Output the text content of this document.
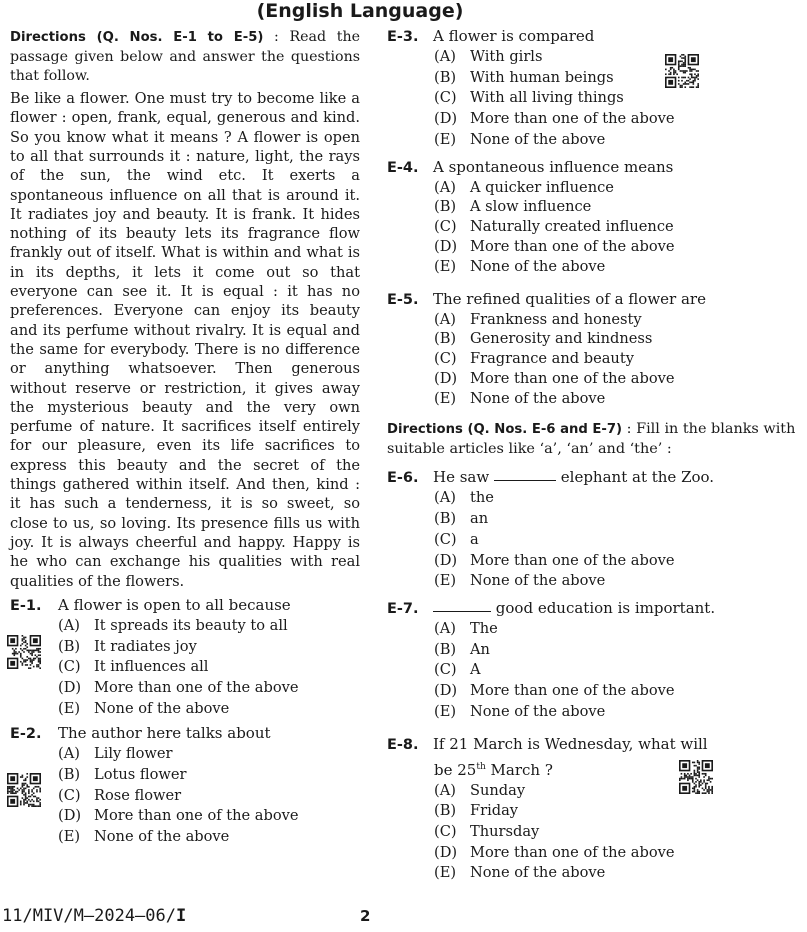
(English Language)

Directions (Q. Nos. E-1 to E-5) : Read the passage given below and answer the questions that follow.

Be like a flower. One must try to become like a flower : open, frank, equal, generous and kind. So you know what it means ? A flower is open to all that surrounds it : nature, light, the rays of the sun, the wind etc. It exerts a spontaneous influence on all that is around it. It radiates joy and beauty. It is frank. It hides nothing of its beauty lets its fragrance flow frankly out of itself. What is within and what is in its depths, it lets it come out so that everyone can see it. It is equal : it has no preferences. Everyone can enjoy its beauty and its perfume without rivalry. It is equal and the same for everybody. There is no difference or anything whatsoever. Then generous without reserve or restriction, it gives away the mysterious beauty and the very own perfume of nature. It sacrifices itself entirely for our pleasure, even its life sacrifices to express this beauty and the secret of the things gathered within itself. And then, kind : it has such a tenderness, it is so sweet, so close to us, so loving. Its presence fills us with joy. It is always cheerful and happy. Happy is he who can exchange his qualities with real qualities of the flowers.

E-1. A flower is open to all because
(A) It spreads its beauty to all
(B) It radiates joy
(C) It influences all
(D) More than one of the above
(E) None of the above
E-2. The author here talks about
(A) Lily flower
(B) Lotus flower
(C) Rose flower
(D) More than one of the above
(E) None of the above
E-3. A flower is compared
(A) With girls
(B) With human beings
(C) With all living things
(D) More than one of the above
(E) None of the above
E-4. A spontaneous influence means
(A) A quicker influence
(B) A slow influence
(C) Naturally created influence
(D) More than one of the above
(E) None of the above
E-5. The refined qualities of a flower are
(A) Frankness and honesty
(B) Generosity and kindness
(C) Fragrance and beauty
(D) More than one of the above
(E) None of the above

Directions (Q. Nos. E-6 and E-7) : Fill in the blanks with suitable articles like ‘a’, ‘an’ and ‘the’ :

E-6. He saw	elephant at the Zoo.
(A) the
(B) an
(C) a
(D) More than one of the above
(E) None of the above
E-7.	good education is important.
(A) The
(B) An
(C) A
(D) More than one of the above
(E) None of the above
E-8. If 21 March is Wednesday, what will
be 25th March ?
(A) Sunday
(B) Friday
(C) Thursday
(D) More than one of the above
(E) None of the above
11/MIV/M–2024–06/I	2
